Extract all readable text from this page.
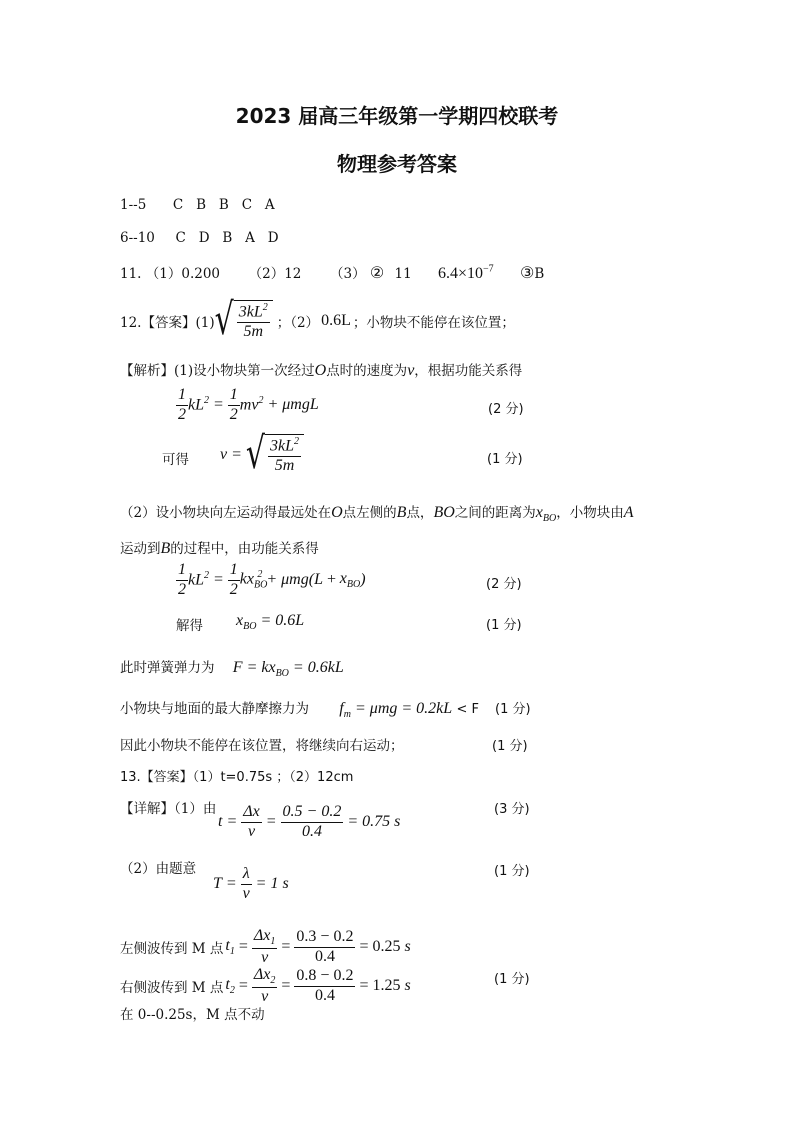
2023 届高三年级第一学期四校联考
物理参考答案
1--5 C   B   B   C   A
6--10 C   D   B   A   D
11. （1）0.200 （2）12 （3） ② 11 $6.4\times 10^{-7}$ ③B
12.【答案】(1) √ $\frac{3kL^2}{5m}$ ；（2） 0.6L ；小物块不能停在该位置；
【解析】(1)设小物块第一次经过O点时的速度为v，根据功能关系得
$\frac{1}{2} kL^2 = \frac{1}{2} mv^2 + \mu mgL$	(2 分)
可得 v = √ $\frac{3kL^2}{5m}$	(1 分)
（2）设小物块向左运动得最远处在O点左侧的B点，BO之间的距离为$x_{BO}$，小物块由A
运动到B的过程中，由功能关系得
$\frac{1}{2} kL^2 = \frac{1}{2} kx_{BO}^2 + \mu mg$ ( $L + x_{BO}$ )	(2 分)
解得 $x_{BO} = 0.6L$	(1 分)
此时弹簧弹力为 $F = kx_{BO} = 0.6kL$
小物块与地面的最大静摩擦力为 $f_m = \mu mg = 0.2kL < F$ (1 分)
因此小物块不能停在该位置，将继续向右运动；	(1 分)
13.【答案】（1）t=0.75s ；（2）12cm
【详解】（1）由
$t = \frac{\Delta x}{v} = \frac{0.5 - 0.2}{0.4} = 0.75$ s
(3 分)
（2）由题意
$T = \frac{\lambda}{v} = 1$ s
(1 分)
左侧波传到 M 点 $t_1 = \frac{\Delta x_1}{v} = \frac{0.3 - 0.2}{0.4} = 0.25$ s
右侧波传到 M 点 $t_2 = \frac{\Delta x_2}{v} = \frac{0.8 - 0.2}{0.4} = 1.25$ s	(1 分)
在 0--0.25s，M 点不动
